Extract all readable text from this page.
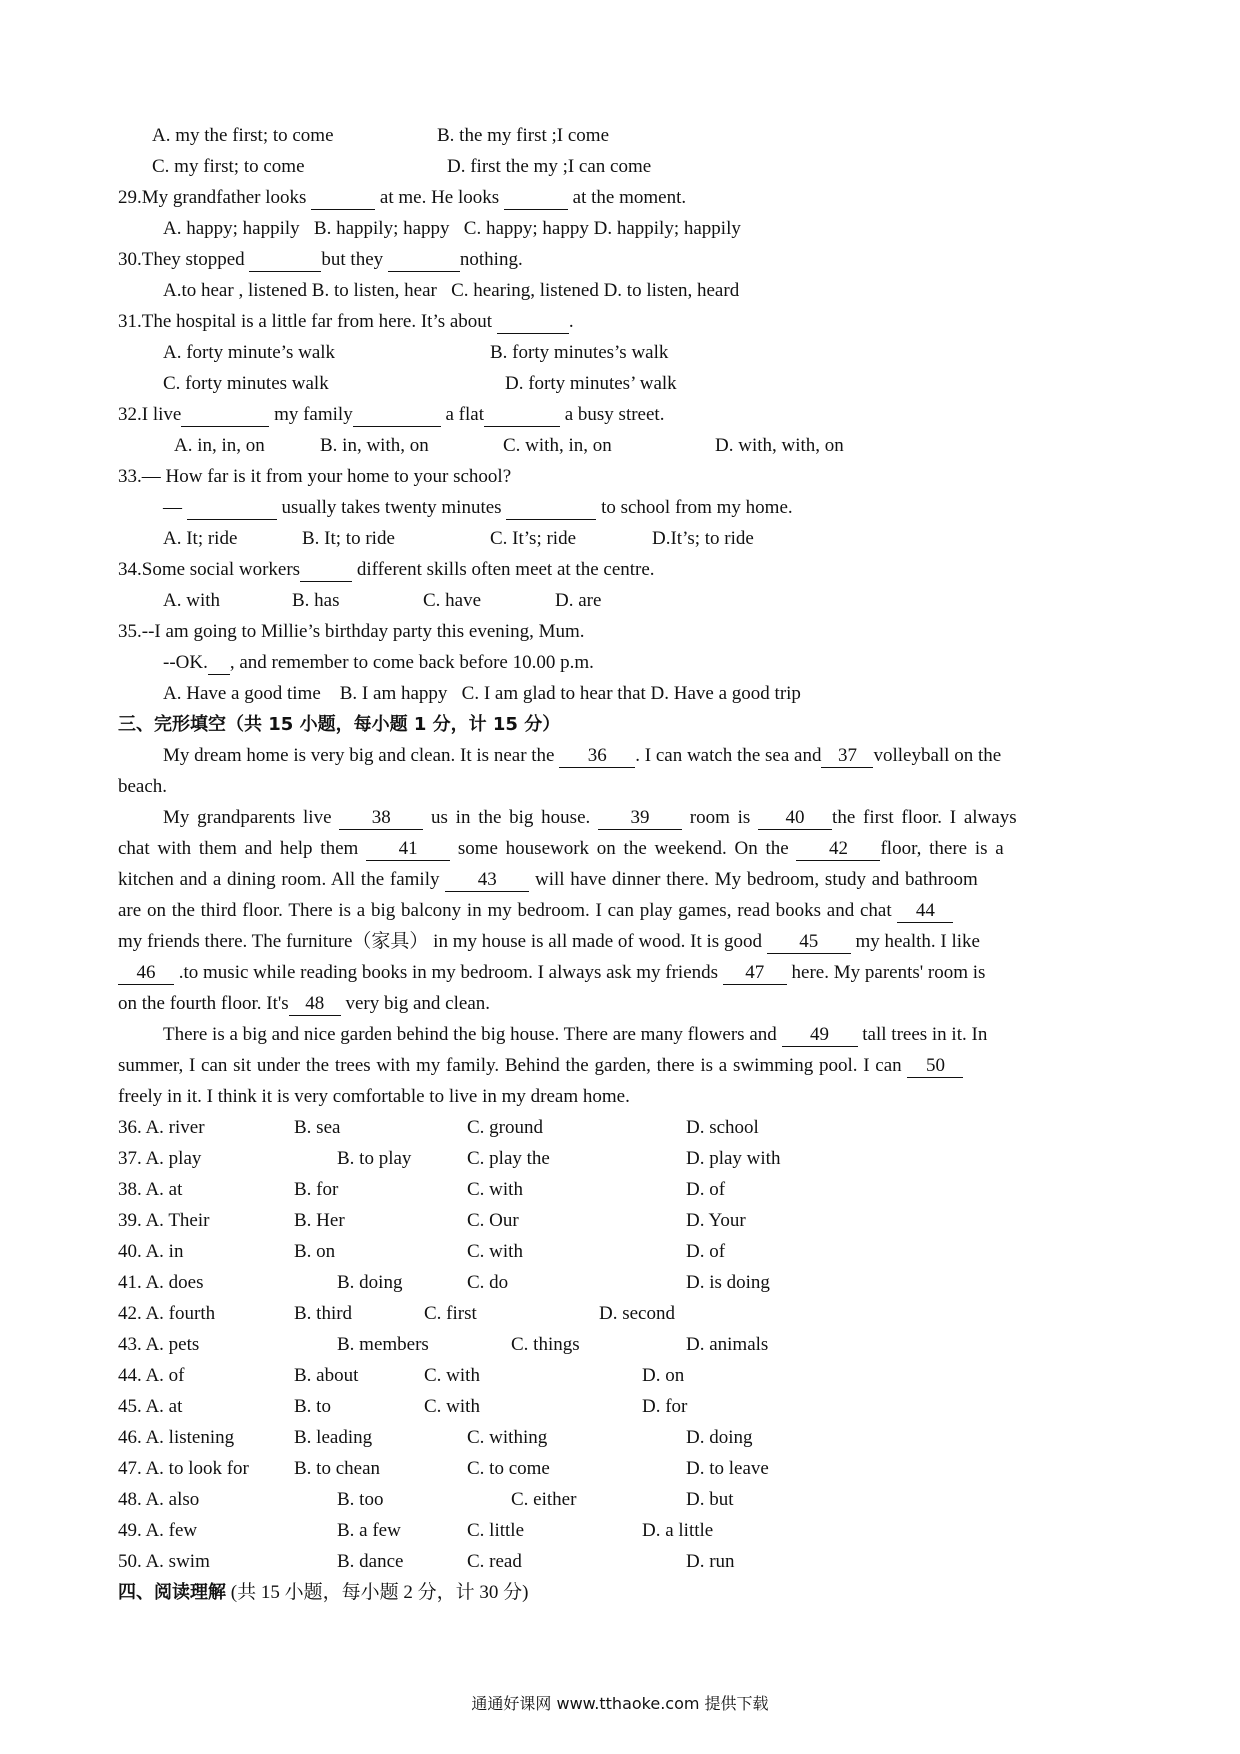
A. my the first; to come	B. the my first ;I come
C. my first; to come	D. first the my ;I can come
29.My grandfather looks	at me. He looks	at the moment.
A. happy; happily   B. happily; happy   C. happy; happy D. happily; happily
30.They stopped	but they	nothing.
A.to hear , listened B. to listen, hear   C. hearing, listened D. to listen, heard
31.The hospital is a little far from here. It’s about	.
A. forty minute’s walk	B. forty minutes’s walk
C. forty minutes walk	D. forty minutes’ walk
32.I live	my family	a flat	a busy street.
A. in, in, on	B. in, with, on	C. with, in, on	D. with, with, on
33.— How far is it from your home to your school?
—	usually takes twenty minutes	to school from my home.
A. It; ride	B. It; to ride	C. It’s; ride	D.It’s; to ride
34.Some social workers	different skills often meet at the centre.
A. with	B. has	C. have	D. are
35.--I am going to Millie’s birthday party this evening, Mum.
--OK. , and remember to come back before 10.00 p.m.
A. Have a good time    B. I am happy   C. I am glad to hear that D. Have a good trip
三、完形填空（共 15 小题，每小题 1 分，计 15 分）
My dream home is very big and clean. It is near the 36 . I can watch the sea and 37 volleyball on the
beach.
My grandparents live 38 us in the big house. 39 room is 40 the first floor. I always
chat with them and help them 41 some housework on the weekend. On the 42 floor, there is a
kitchen and a dining room. All the family 43 will have dinner there. My bedroom, study and bathroom
are on the third floor. There is a big balcony in my bedroom. I can play games, read books and chat 44
my friends there. The furniture（家具） in my house is all made of wood. It is good 45 my health. I like
46 .to music while reading books in my bedroom. I always ask my friends 47 here. My parents' room is
on the fourth floor. It's 48 very big and clean.
There is a big and nice garden behind the big house. There are many flowers and 49 tall trees in it. In
summer, I can sit under the trees with my family. Behind the garden, there is a swimming pool. I can 50
freely in it. I think it is very comfortable to live in my dream home.
36. A. river	B. sea	C. ground	D. school
37. A. play	B. to play	C. play the	D. play with
38. A. at	B. for	C. with	D. of
39. A. Their	B. Her	C. Our	D. Your
40. A. in	B. on	C. with	D. of
41. A. does	B. doing	C. do	D. is doing
42. A. fourth	B. third	C. first	D. second
43. A. pets	B. members	C. things	D. animals
44. A. of	B. about	C. with	D. on
45. A. at	B. to	C. with	D. for
46. A. listening	B. leading	C. withing	D. doing
47. A. to look for B. to chean	C. to come	D. to leave
48. A. also	B. too	C. either	D. but
49. A. few	B. a few	C. little	D. a little
50. A. swim	B. dance	C. read	D. run
四、阅读理解 (共 15 小题，每小题 2 分，计 30 分)
通通好课网 www.tthaoke.com 提供下载
